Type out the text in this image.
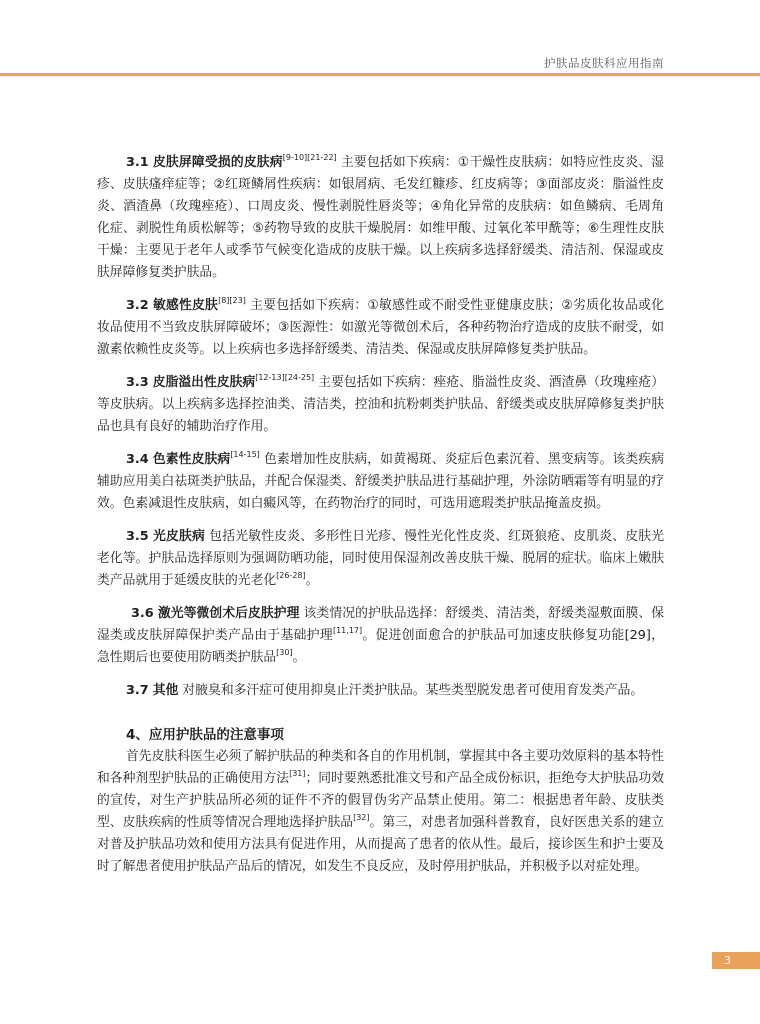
护肤品皮肤科应用指南

3.1 皮肤屏障受损的皮肤病[9-10][21-22] 主要包括如下疾病：①干燥性皮肤病：如特应性皮炎、湿疹、皮肤瘙痒症等；②红斑鳞屑性疾病：如银屑病、毛发红糠疹、红皮病等；③面部皮炎：脂溢性皮炎、酒渣鼻（玫瑰痤疮）、口周皮炎、慢性剥脱性唇炎等；④角化异常的皮肤病：如鱼鳞病、毛周角化症、剥脱性角质松解等；⑤药物导致的皮肤干燥脱屑：如维甲酸、过氧化苯甲酰等；⑥生理性皮肤干燥：主要见于老年人或季节气候变化造成的皮肤干燥。以上疾病多选择舒缓类、清洁剂、保湿或皮肤屏障修复类护肤品。

3.2 敏感性皮肤[8][23] 主要包括如下疾病：①敏感性或不耐受性亚健康皮肤；②劣质化妆品或化妆品使用不当致皮肤屏障破坏；③医源性：如激光等微创术后，各种药物治疗造成的皮肤不耐受，如激素依赖性皮炎等。以上疾病也多选择舒缓类、清洁类、保湿或皮肤屏障修复类护肤品。

3.3 皮脂溢出性皮肤病[12-13][24-25] 主要包括如下疾病：痤疮、脂溢性皮炎、酒渣鼻（玫瑰痤疮）等皮肤病。以上疾病多选择控油类、清洁类，控油和抗粉刺类护肤品、舒缓类或皮肤屏障修复类护肤品也具有良好的辅助治疗作用。

3.4 色素性皮肤病[14-15] 色素增加性皮肤病，如黄褐斑、炎症后色素沉着、黑变病等。该类疾病辅助应用美白祛斑类护肤品，并配合保湿类、舒缓类护肤品进行基础护理，外涂防晒霜等有明显的疗效。色素减退性皮肤病，如白癜风等，在药物治疗的同时，可选用遮瑕类护肤品掩盖皮损。

3.5 光皮肤病 包括光敏性皮炎、多形性日光疹、慢性光化性皮炎、红斑狼疮、皮肌炎、皮肤光老化等。护肤品选择原则为强调防晒功能，同时使用保湿剂改善皮肤干燥、脱屑的症状。临床上嫩肤类产品就用于延缓皮肤的光老化[26-28]。

3.6 激光等微创术后皮肤护理 该类情况的护肤品选择：舒缓类、清洁类，舒缓类湿敷面膜、保湿类或皮肤屏障保护类产品由于基础护理[11,17]。促进创面愈合的护肤品可加速皮肤修复功能[29]，急性期后也要使用防晒类护肤品[30]。

3.7 其他 对腋臭和多汗症可使用抑臭止汗类护肤品。某些类型脱发患者可使用育发类产品。

4、应用护肤品的注意事项

首先皮肤科医生必须了解护肤品的种类和各自的作用机制，掌握其中各主要功效原料的基本特性和各种剂型护肤品的正确使用方法[31]；同时要熟悉批准文号和产品全成份标识，拒绝夸大护肤品功效的宣传，对生产护肤品所必须的证件不齐的假冒伪劣产品禁止使用。第二：根据患者年龄、皮肤类型、皮肤疾病的性质等情况合理地选择护肤品[32]。第三，对患者加强科普教育，良好医患关系的建立对普及护肤品功效和使用方法具有促进作用，从而提高了患者的依从性。最后，接诊医生和护士要及时了解患者使用护肤品产品后的情况，如发生不良反应，及时停用护肤品，并积极予以对症处理。

3
